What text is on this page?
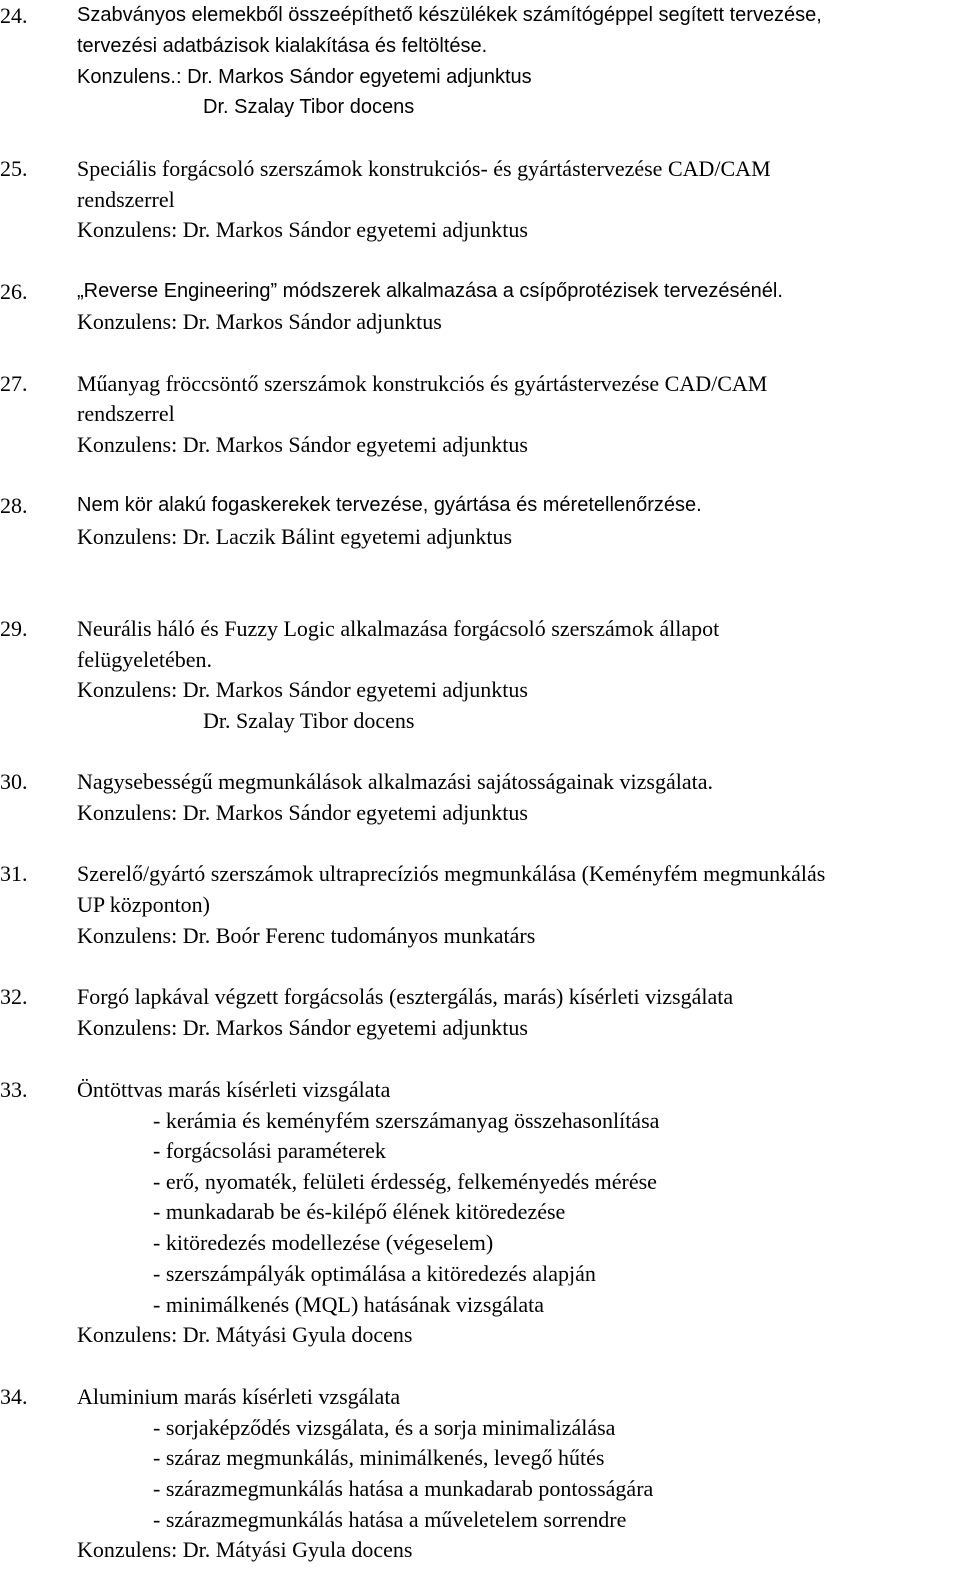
24. Szabványos elemekből összeépíthető készülékek számítógéppel segített tervezése,
tervezési adatbázisok kialakítása és feltöltése.
Konzulens.: Dr. Markos Sándor egyetemi adjunktus
Dr. Szalay Tibor docens
25. Speciális forgácsoló szerszámok konstrukciós- és gyártástervezése CAD/CAM
rendszerrel
Konzulens: Dr. Markos Sándor egyetemi adjunktus
26. „Reverse Engineering” módszerek alkalmazása a csípőprotézisek tervezésénél.
Konzulens: Dr. Markos Sándor adjunktus
27. Műanyag fröccsöntő szerszámok konstrukciós és gyártástervezése CAD/CAM
rendszerrel
Konzulens: Dr. Markos Sándor egyetemi adjunktus
28. Nem kör alakú fogaskerekek tervezése, gyártása és méretellenőrzése.
Konzulens: Dr. Laczik Bálint egyetemi adjunktus
29. Neurális háló és Fuzzy Logic alkalmazása forgácsoló szerszámok állapot
felügyeletében.
Konzulens: Dr. Markos Sándor egyetemi adjunktus
Dr. Szalay Tibor docens
30. Nagysebességű megmunkálások alkalmazási sajátosságainak vizsgálata.
Konzulens: Dr. Markos Sándor egyetemi adjunktus
31. Szerelő/gyártó szerszámok ultraprecíziós megmunkálása (Keményfém megmunkálás
UP központon)
Konzulens: Dr. Boór Ferenc tudományos munkatárs
32. Forgó lapkával végzett forgácsolás (esztergálás, marás) kísérleti vizsgálata
Konzulens: Dr. Markos Sándor egyetemi adjunktus
33. Öntöttvas marás kísérleti vizsgálata
- kerámia és keményfém szerszámanyag összehasonlítása
- forgácsolási paraméterek
- erő, nyomaték, felületi érdesség, felkeményedés mérése
- munkadarab be és-kilépő élének kitöredezése
- kitöredezés modellezése (végeselem)
- szerszámpályák optimálása a kitöredezés alapján
- minimálkenés (MQL) hatásának vizsgálata
Konzulens: Dr. Mátyási Gyula docens
34. Aluminium marás kísérleti vzsgálata
- sorjaképződés vizsgálata, és a sorja minimalizálása
- száraz megmunkálás, minimálkenés, levegő hűtés
- szárazmegmunkálás hatása a munkadarab pontosságára
- szárazmegmunkálás hatása a műveletelem sorrendre
Konzulens: Dr. Mátyási Gyula docens
